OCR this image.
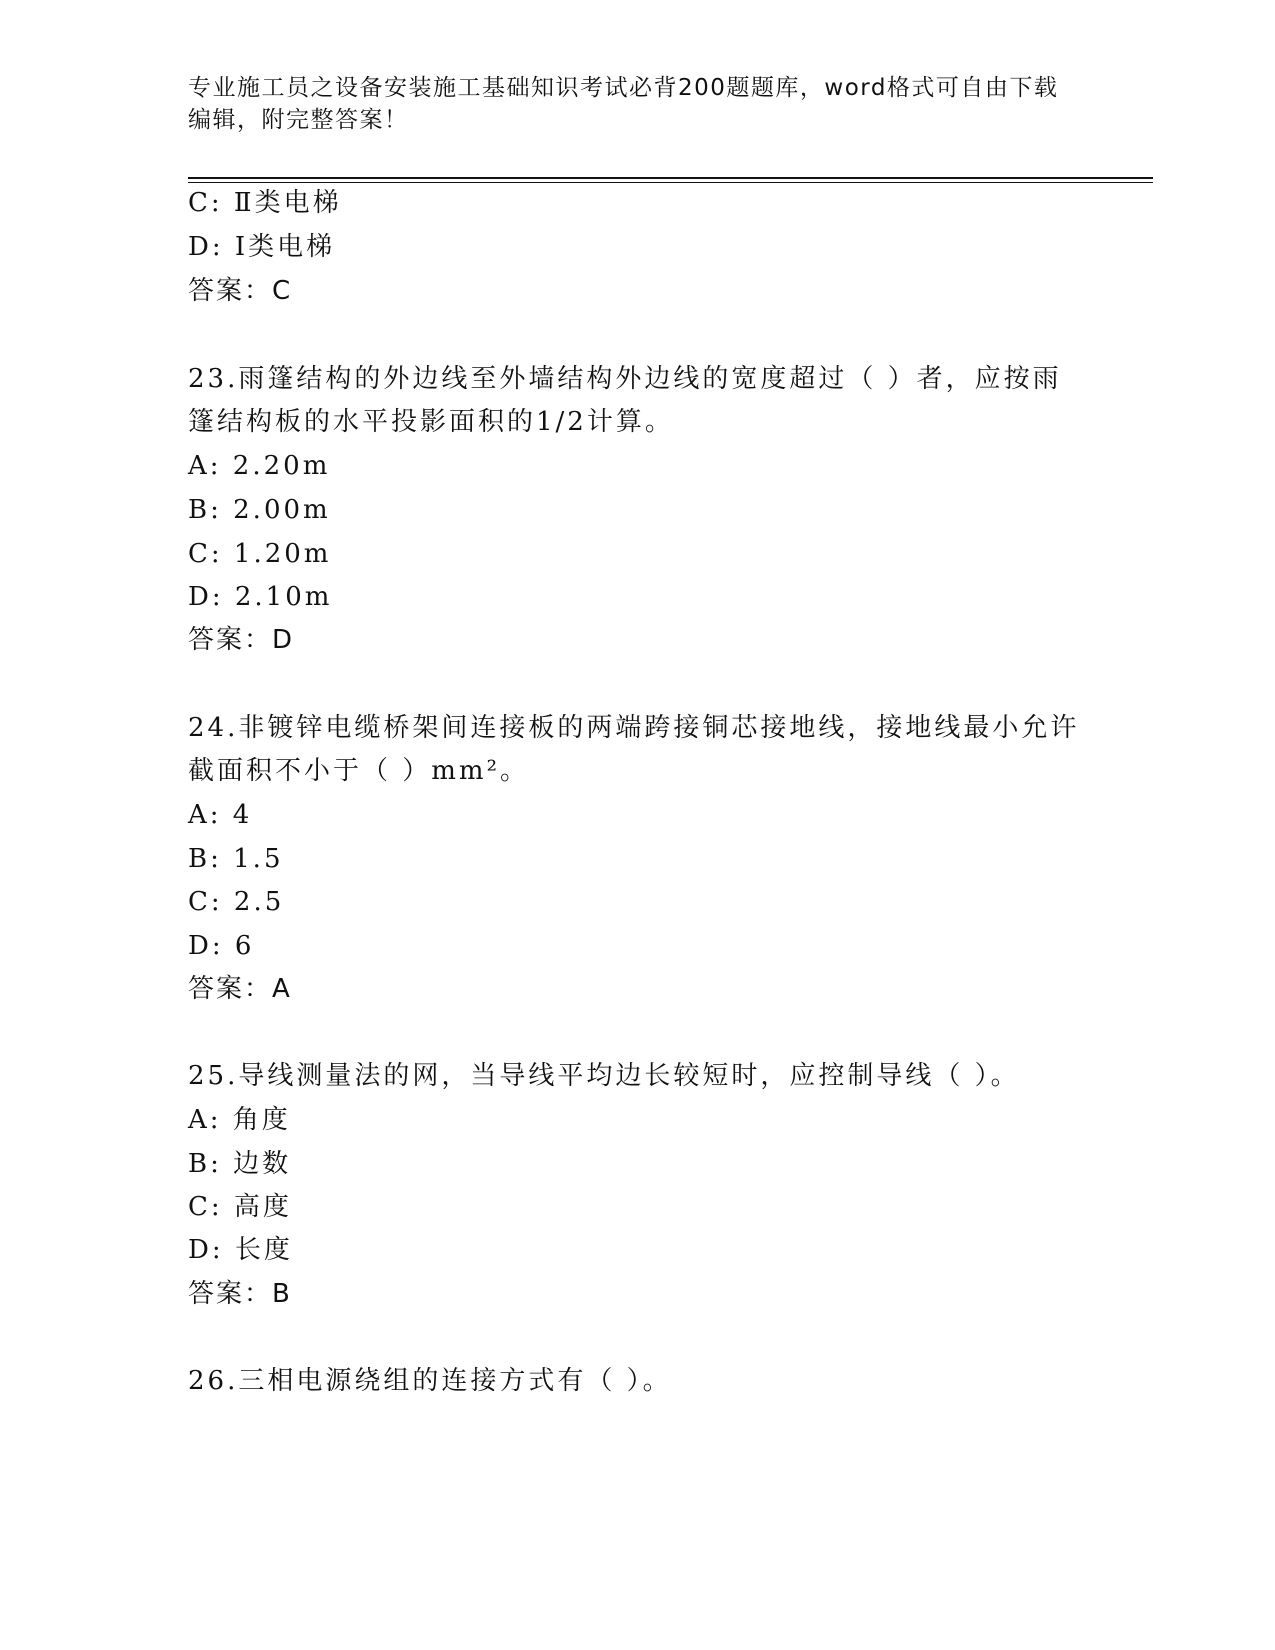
专业施工员之设备安装施工基础知识考试必背200题题库，word格式可自由下载
编辑，附完整答案！
C: Ⅱ类电梯
D: Ⅰ类电梯
答案：C
23.雨篷结构的外边线至外墙结构外边线的宽度超过（ ）者，应按雨
篷结构板的水平投影面积的1/2计算。
A: 2.20m
B: 2.00m
C: 1.20m
D: 2.10m
答案：D
24.非镀锌电缆桥架间连接板的两端跨接铜芯接地线，接地线最小允许
截面积不小于（ ）mm²。
A: 4
B: 1.5
C: 2.5
D: 6
答案：A
25.导线测量法的网，当导线平均边长较短时，应控制导线（ ）。
A: 角度
B: 边数
C: 高度
D: 长度
答案：B
26.三相电源绕组的连接方式有（ ）。
